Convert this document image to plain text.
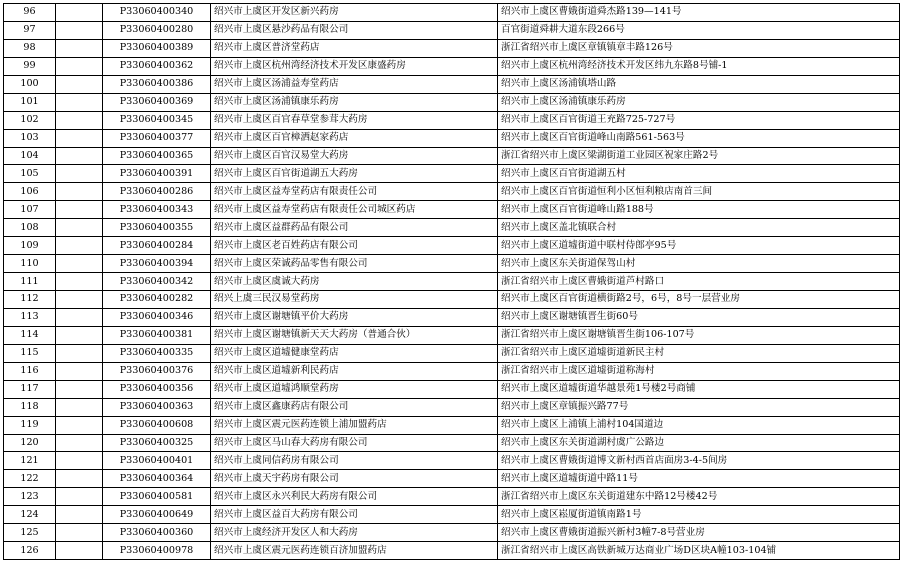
96		P33060400340	绍兴市上虞区开发区新兴药房	绍兴市上虞区曹娥街道舜杰路139—141号
97		P33060400280	绍兴市上虞区悬沙药品有限公司	百官街道舜耕大道东段266号
98		P33060400389	绍兴市上虞区普济堂药店	浙江省绍兴市上虞区章镇镇章丰路126号
99		P33060400362	绍兴市上虞区杭州湾经济技术开发区康盛药房	绍兴市上虞区杭州湾经济技术开发区纬九东路8号铺-1
100		P33060400386	绍兴市上虞区汤浦益寿堂药店	绍兴市上虞区汤浦镇塔山路
101		P33060400369	绍兴市上虞区汤浦镇康乐药房	绍兴市上虞区汤浦镇康乐药房
102		P33060400345	绍兴市上虞区百官春草堂参茸大药房	绍兴市上虞区百官街道王充路725-727号
103		P33060400377	绍兴市上虞区百官樟洒赵家药店	绍兴市上虞区百官街道峰山南路561-563号
104		P33060400365	绍兴市上虞区百官汉易堂大药房	浙江省绍兴市上虞区梁湖街道工业园区祝家庄路2号
105		P33060400391	绍兴市上虞区百官街道湖五大药房	绍兴市上虞区百官街道湖五村
106		P33060400286	绍兴市上虞区益寿堂药店有限责任公司	绍兴市上虞区百官街道恒利小区恒利粮店南首三间
107		P33060400343	绍兴市上虞区益寿堂药店有限责任公司城区药店	绍兴市上虞区百官街道峰山路188号
108		P33060400355	绍兴市上虞区益群药品有限公司	绍兴市上虞区盖北镇联合村
109		P33060400284	绍兴市上虞区老百姓药店有限公司	绍兴市上虞区道墟街道中联村侍郎亭95号
110		P33060400394	绍兴市上虞区荣诚药品零售有限公司	绍兴市上虞区东关街道保驾山村
111		P33060400342	绍兴市上虞区虞诚大药房	浙江省绍兴市上虞区曹娥街道芦村路口
112		P33060400282	绍兴上虞三民汉易堂药房	绍兴市上虞区百官街道横街路2号，6号，8号一层营业房
113		P33060400346	绍兴市上虞区谢塘镇平价大药房	绍兴市上虞区谢塘镇晋生街60号
114		P33060400381	绍兴市上虞区谢塘镇新天天大药房（普通合伙）	浙江省绍兴市上虞区谢塘镇晋生街106-107号
115		P33060400335	绍兴市上虞区道墟健康堂药店	浙江省绍兴市上虞区道墟街道新民主村
116		P33060400376	绍兴市上虞区道墟新利民药店	浙江省绍兴市上虞区道墟街道称海村
117		P33060400356	绍兴市上虞区道墟鸿顺堂药房	绍兴市上虞区道墟街道华越景苑1号楼2号商铺
118		P33060400363	绍兴市上虞区鑫康药店有限公司	绍兴市上虞区章镇振兴路77号
119		P33060400608	绍兴市上虞区震元医药连锁上浦加盟药店	绍兴市上虞区上浦镇上浦村104国道边
120		P33060400325	绍兴市上虞区马山春大药房有限公司	绍兴市上虞区东关街道湖村虞广公路边
121		P33060400401	绍兴市上虞同信药房有限公司	绍兴市上虞区曹娥街道博文新村西首店面房3-4-5间房
122		P33060400364	绍兴市上虞天宇药房有限公司	绍兴市上虞区道墟街道中路11号
123		P33060400581	绍兴市上虞区永兴利民大药房有限公司	浙江省绍兴市上虞区东关街道建东中路12号楼42号
124		P33060400649	绍兴市上虞区益百大药房有限公司	绍兴市上虞区崧厦街道镇南路1号
125		P33060400360	绍兴市上虞经济开发区人和大药房	绍兴市上虞区曹娥街道振兴新村3幢7-8号营业房
126		P33060400978	绍兴市上虞区震元医药连锁百济加盟药店	浙江省绍兴市上虞区高铁新城万达商业广场D区块A幢103-104铺
